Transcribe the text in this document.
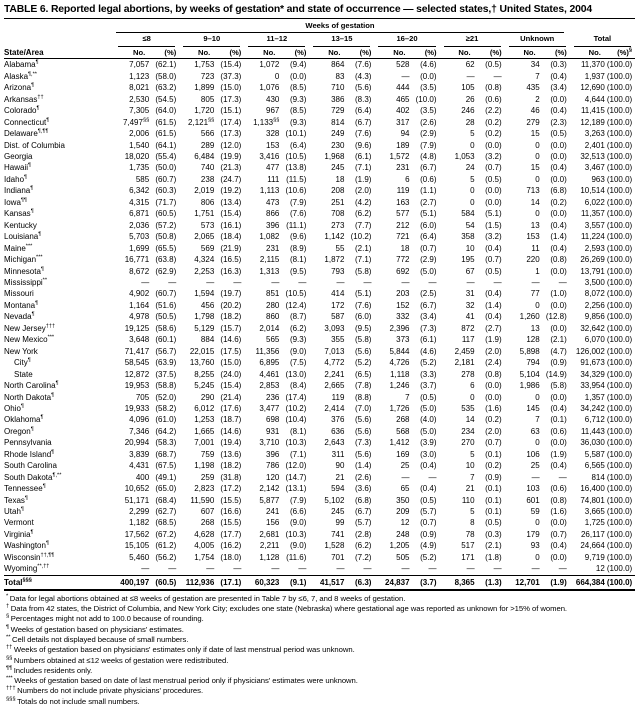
TABLE 6. Reported legal abortions, by weeks of gestation* and state of occurrence — selected states,† United States, 2004

	Weeks of gestation															

	≤8		9–10		11–12		13–15		16–20		≥21		Unknown		Total	

State/Area	No.	(%)	No.	(%)	No.	(%)	No.	(%)	No.	(%)	No.	(%)	No.	(%)	No.	(%)§
Alabama¶	7,057	(62.1)	1,753	(15.4)	1,072	(9.4)	864	(7.6)	528	(4.6)	62	(0.5)	34	(0.3)	11,370	(100.0)
Alaska¶,**	1,123	(58.0)	723	(37.3)	0	(0.0)	83	(4.3)	—	(0.0)	—	—	7	(0.4)	1,937	(100.0)
Arizona¶	8,021	(63.2)	1,899	(15.0)	1,076	(8.5)	710	(5.6)	444	(3.5)	105	(0.8)	435	(3.4)	12,690	(100.0)
Arkansas††	2,530	(54.5)	805	(17.3)	430	(9.3)	386	(8.3)	465	(10.0)	26	(0.6)	2	(0.0)	4,644	(100.0)
Colorado¶	7,305	(64.0)	1,720	(15.1)	967	(8.5)	729	(6.4)	402	(3.5)	246	(2.2)	46	(0.4)	11,415	(100.0)
Connecticut¶	7,497§§	(61.5)	2,121§§	(17.4)	1,133§§	(9.3)	814	(6.7)	317	(2.6)	28	(0.2)	279	(2.3)	12,189	(100.0)
Delaware¶,¶¶	2,006	(61.5)	566	(17.3)	328	(10.1)	249	(7.6)	94	(2.9)	5	(0.2)	15	(0.5)	3,263	(100.0)
Dist. of Columbia	1,540	(64.1)	289	(12.0)	153	(6.4)	230	(9.6)	189	(7.9)	0	(0.0)	0	(0.0)	2,401	(100.0)
Georgia	18,020	(55.4)	6,484	(19.9)	3,416	(10.5)	1,968	(6.1)	1,572	(4.8)	1,053	(3.2)	0	(0.0)	32,513	(100.0)
Hawaii¶	1,735	(50.0)	740	(21.3)	477	(13.8)	245	(7.1)	231	(6.7)	24	(0.7)	15	(0.4)	3,467	(100.0)
Idaho¶	585	(60.7)	238	(24.7)	111	(11.5)	18	(1.9)	6	(0.6)	5	(0.5)	0	(0.0)	963	(100.0)
Indiana¶	6,342	(60.3)	2,019	(19.2)	1,113	(10.6)	208	(2.0)	119	(1.1)	0	(0.0)	713	(6.8)	10,514	(100.0)
Iowa¶¶	4,315	(71.7)	806	(13.4)	473	(7.9)	251	(4.2)	163	(2.7)	0	(0.0)	14	(0.2)	6,022	(100.0)
Kansas¶	6,871	(60.5)	1,751	(15.4)	866	(7.6)	708	(6.2)	577	(5.1)	584	(5.1)	0	(0.0)	11,357	(100.0)
Kentucky	2,036	(57.2)	573	(16.1)	396	(11.1)	273	(7.7)	212	(6.0)	54	(1.5)	13	(0.4)	3,557	(100.0)
Louisiana¶	5,703	(50.8)	2,065	(18.4)	1,082	(9.6)	1,142	(10.2)	721	(6.4)	358	(3.2)	153	(1.4)	11,224	(100.0)
Maine***	1,699	(65.5)	569	(21.9)	231	(8.9)	55	(2.1)	18	(0.7)	10	(0.4)	11	(0.4)	2,593	(100.0)
Michigan***	16,771	(63.8)	4,324	(16.5)	2,115	(8.1)	1,872	(7.1)	772	(2.9)	195	(0.7)	220	(0.8)	26,269	(100.0)
Minnesota¶	8,672	(62.9)	2,253	(16.3)	1,313	(9.5)	793	(5.8)	692	(5.0)	67	(0.5)	1	(0.0)	13,791	(100.0)
Mississippi**	—	—	—	—	—	—	—	—	—	—	—	—	—	—	3,500	(100.0)
Missouri	4,902	(60.7)	1,594	(19.7)	851	(10.5)	414	(5.1)	203	(2.5)	31	(0.4)	77	(1.0)	8,072	(100.0)
Montana¶	1,164	(51.6)	456	(20.2)	280	(12.4)	172	(7.6)	152	(6.7)	32	(1.4)	0	(0.0)	2,256	(100.0)
Nevada¶	4,978	(50.5)	1,798	(18.2)	860	(8.7)	587	(6.0)	332	(3.4)	41	(0.4)	1,260	(12.8)	9,856	(100.0)
New Jersey†††	19,125	(58.6)	5,129	(15.7)	2,014	(6.2)	3,093	(9.5)	2,396	(7.3)	872	(2.7)	13	(0.0)	32,642	(100.0)
New Mexico***	3,648	(60.1)	884	(14.6)	565	(9.3)	355	(5.8)	373	(6.1)	117	(1.9)	128	(2.1)	6,070	(100.0)
New York	71,417	(56.7)	22,015	(17.5)	11,356	(9.0)	7,013	(5.6)	5,844	(4.6)	2,459	(2.0)	5,898	(4.7)	126,002	(100.0)
City¶	58,545	(63.9)	13,760	(15.0)	6,895	(7.5)	4,772	(5.2)	4,726	(5.2)	2,181	(2.4)	794	(0.9)	91,673	(100.0)
State	12,872	(37.5)	8,255	(24.0)	4,461	(13.0)	2,241	(6.5)	1,118	(3.3)	278	(0.8)	5,104	(14.9)	34,329	(100.0)
North Carolina¶	19,953	(58.8)	5,245	(15.4)	2,853	(8.4)	2,665	(7.8)	1,246	(3.7)	6	(0.0)	1,986	(5.8)	33,954	(100.0)
North Dakota¶	705	(52.0)	290	(21.4)	236	(17.4)	119	(8.8)	7	(0.5)	0	(0.0)	0	(0.0)	1,357	(100.0)
Ohio¶	19,933	(58.2)	6,012	(17.6)	3,477	(10.2)	2,414	(7.0)	1,726	(5.0)	535	(1.6)	145	(0.4)	34,242	(100.0)
Oklahoma¶	4,096	(61.0)	1,253	(18.7)	698	(10.4)	376	(5.6)	268	(4.0)	14	(0.2)	7	(0.1)	6,712	(100.0)
Oregon¶	7,346	(64.2)	1,665	(14.6)	931	(8.1)	636	(5.6)	568	(5.0)	234	(2.0)	63	(0.6)	11,443	(100.0)
Pennsylvania	20,994	(58.3)	7,001	(19.4)	3,710	(10.3)	2,643	(7.3)	1,412	(3.9)	270	(0.7)	0	(0.0)	36,030	(100.0)
Rhode Island¶	3,839	(68.7)	759	(13.6)	396	(7.1)	311	(5.6)	169	(3.0)	5	(0.1)	106	(1.9)	5,587	(100.0)
South Carolina	4,431	(67.5)	1,198	(18.2)	786	(12.0)	90	(1.4)	25	(0.4)	10	(0.2)	25	(0.4)	6,565	(100.0)
South Dakota¶,**	400	(49.1)	259	(31.8)	120	(14.7)	21	(2.6)	—	—	7	(0.9)	—	—	814	(100.0)
Tennessee¶	10,652	(65.0)	2,823	(17.2)	2,142	(13.1)	594	(3.6)	65	(0.4)	21	(0.1)	103	(0.6)	16,400	(100.0)
Texas¶	51,171	(68.4)	11,590	(15.5)	5,877	(7.9)	5,102	(6.8)	350	(0.5)	110	(0.1)	601	(0.8)	74,801	(100.0)
Utah¶	2,299	(62.7)	607	(16.6)	241	(6.6)	245	(6.7)	209	(5.7)	5	(0.1)	59	(1.6)	3,665	(100.0)
Vermont	1,182	(68.5)	268	(15.5)	156	(9.0)	99	(5.7)	12	(0.7)	8	(0.5)	0	(0.0)	1,725	(100.0)
Virginia¶	17,562	(67.2)	4,628	(17.7)	2,681	(10.3)	741	(2.8)	248	(0.9)	78	(0.3)	179	(0.7)	26,117	(100.0)
Washington¶	15,105	(61.2)	4,005	(16.2)	2,211	(9.0)	1,528	(6.2)	1,205	(4.9)	517	(2.1)	93	(0.4)	24,664	(100.0)
Wisconsin††,¶¶	5,460	(56.2)	1,754	(18.0)	1,128	(11.6)	701	(7.2)	505	(5.2)	171	(1.8)	0	(0.0)	9,719	(100.0)
Wyoming**,††	—	—	—	—	—	—	—	—	—	—	—	—	—	—	12	(100.0)
Total§§§	400,197	(60.5)	112,936	(17.1)	60,323	(9.1)	41,517	(6.3)	24,837	(3.7)	8,365	(1.3)	12,701	(1.9)	664,384	(100.0)
* Data for legal abortions obtained at ≤8 weeks of gestation are presented in Table 7 by ≤6, 7, and 8 weeks of gestation.
† Data from 42 states, the District of Columbia, and New York City; excludes one state (Nebraska) where gestational age was reported as unknown for >15% of women.
§ Percentages might not add to 100.0 because of rounding.
¶ Weeks of gestation based on physicians' estimates.
** Cell details not displayed because of small numbers.
†† Weeks of gestation based on physicians' estimates only if date of last menstrual period was unknown.
§§ Numbers obtained at ≤12 weeks of gestation were redistributed.
¶¶ Includes residents only.
*** Weeks of gestation based on date of last menstrual period only if physicians' estimates were unknown.
††† Numbers do not include private physicians' procedures.
§§§ Totals do not include small numbers.
